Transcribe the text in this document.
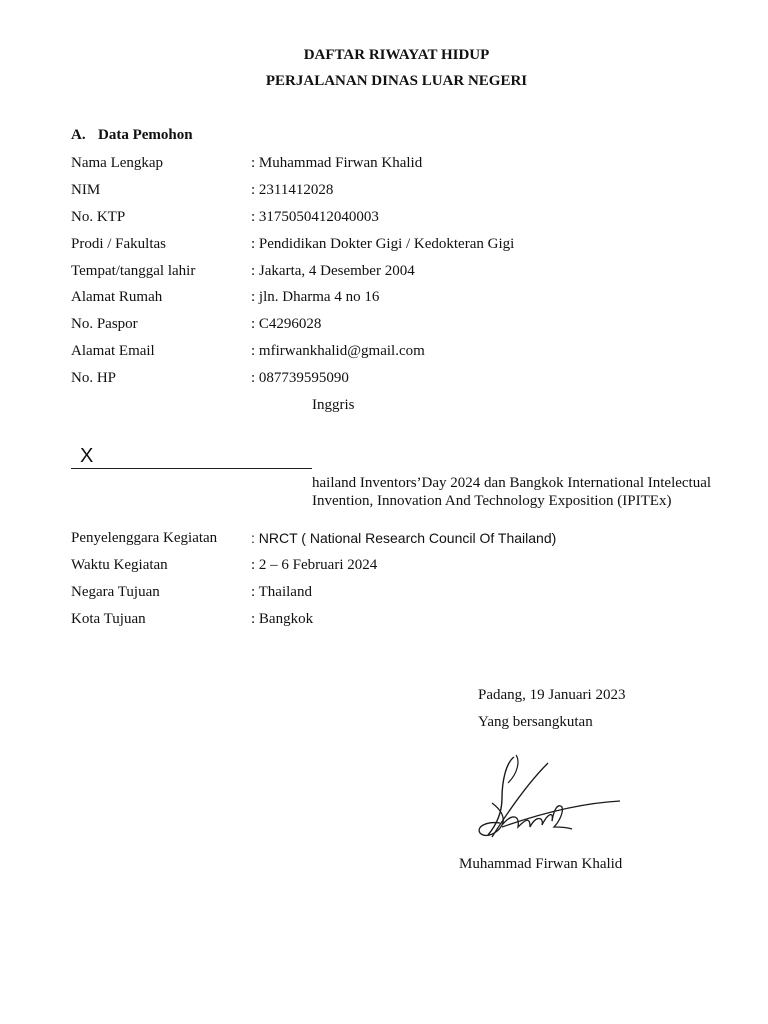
DAFTAR RIWAYAT HIDUP
PERJALANAN DINAS LUAR NEGERI
A. Data Pemohon
Nama Lengkap	: Muhammad Firwan Khalid
NIM	: 2311412028
No. KTP	: 3175050412040003
Prodi / Fakultas	: Pendidikan Dokter Gigi / Kedokteran Gigi
Tempat/tanggal lahir	: Jakarta, 4 Desember 2004
Alamat Rumah	: jln. Dharma 4 no 16
No. Paspor	: C4296028
Alamat Email	: mfirwankhalid@gmail.com
No. HP	: 087739595090
Inggris
X
hailand Inventors’Day 2024 dan Bangkok International Intelectual
Invention, Innovation And Technology Exposition (IPITEx)
Penyelenggara Kegiatan : NRCT ( National Research Council Of Thailand)
Waktu Kegiatan	: 2 – 6 Februari 2024
Negara Tujuan	: Thailand
Kota Tujuan	: Bangkok
Padang, 19 Januari 2023
Yang bersangkutan
Muhammad Firwan Khalid
